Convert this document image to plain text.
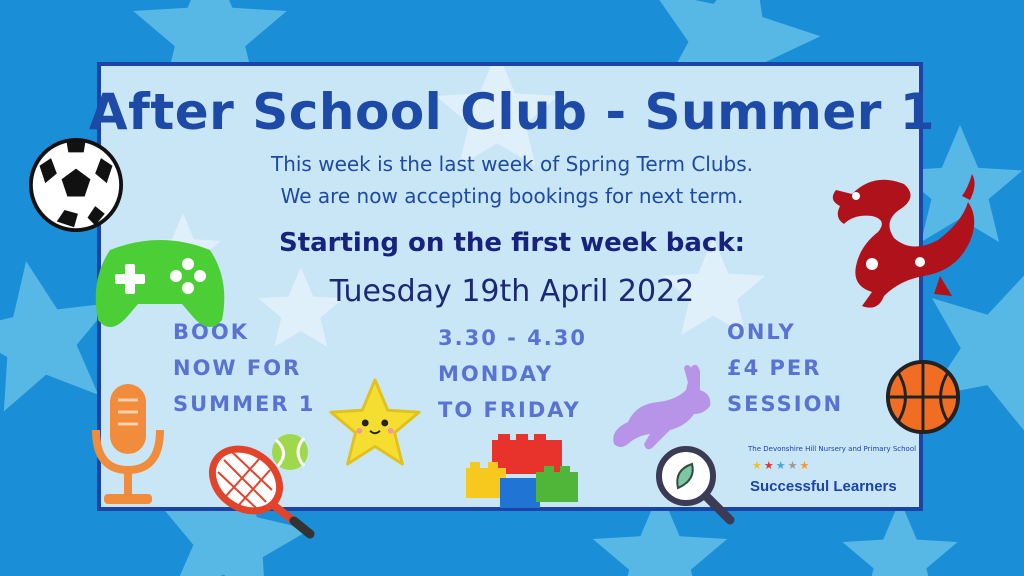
After School Club - Summer 1
This week is the last week of Spring Term Clubs.
We are now accepting bookings for next term.
Starting on the first week back:
Tuesday 19th April 2022
BOOK
NOW FOR
SUMMER 1
3.30 - 4.30
MONDAY
TO FRIDAY
ONLY
£4 PER
SESSION
The Devonshire Hill Nursery and Primary School
★★★★★
Successful Learners
